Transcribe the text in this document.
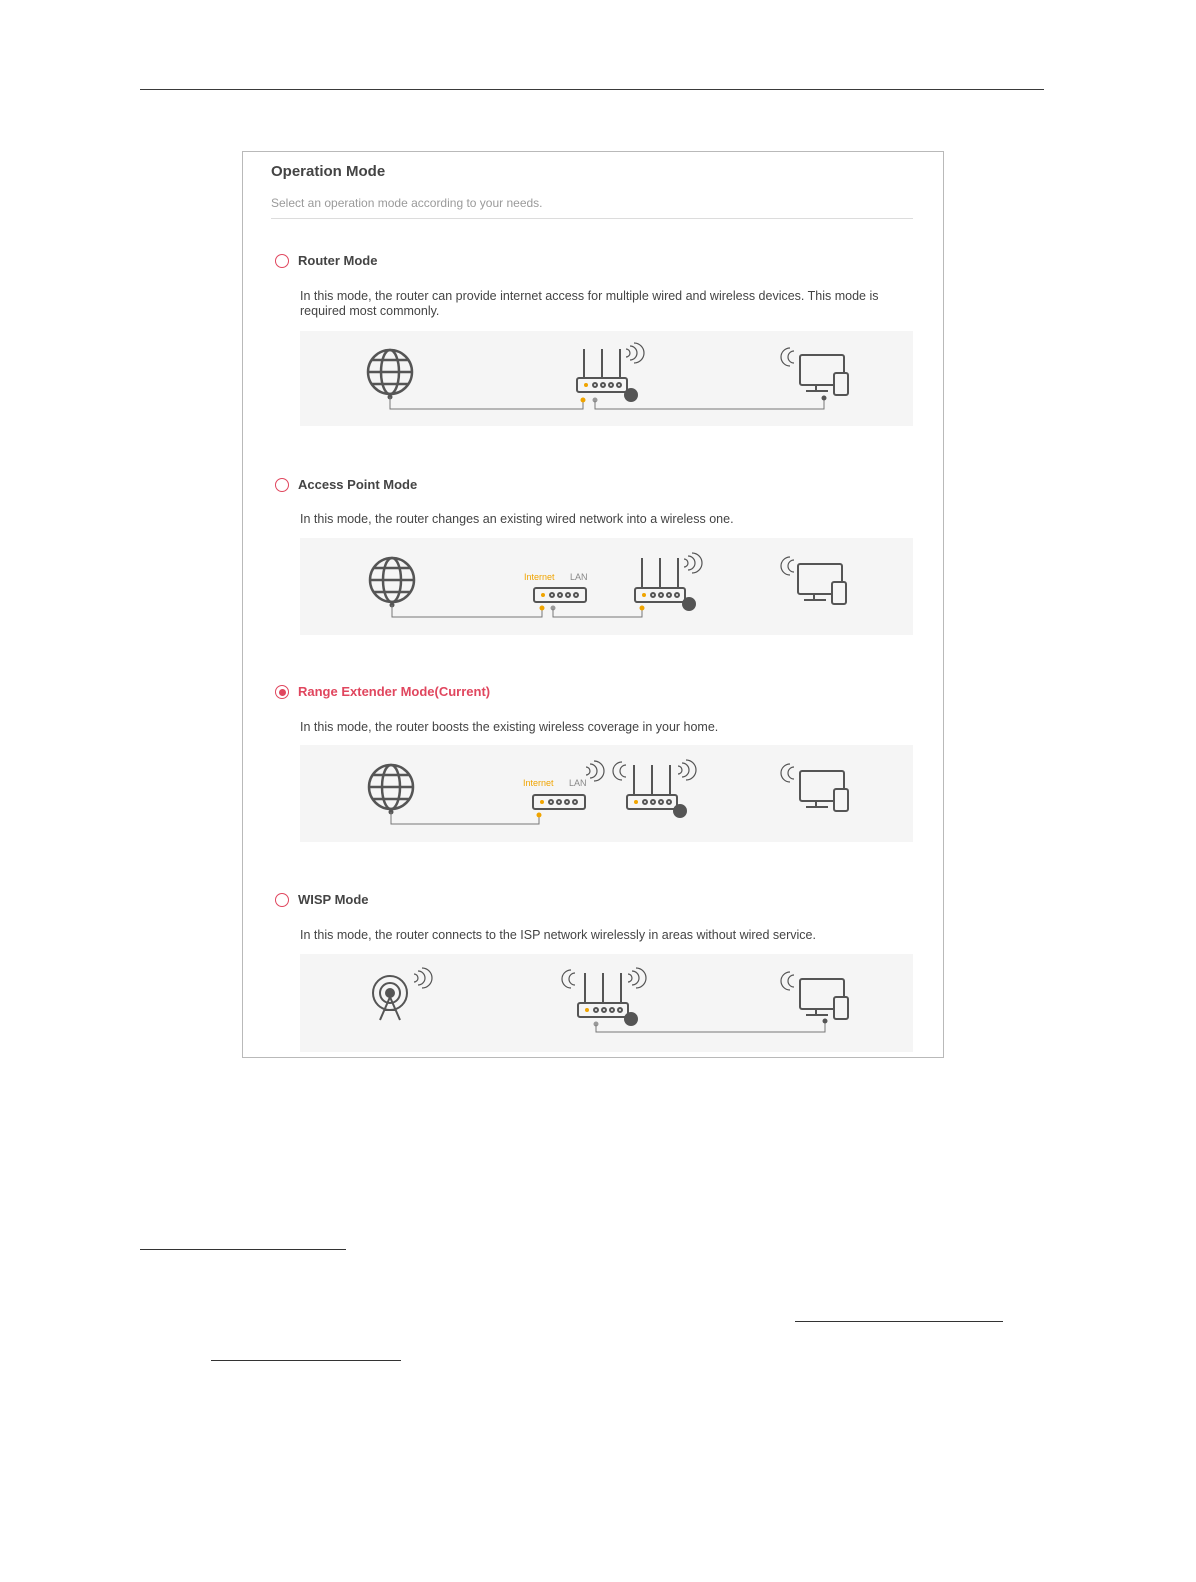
Operation Mode
Select an operation mode according to your needs.
Router Mode
In this mode, the router can provide internet access for multiple wired and wireless devices. This mode is required most commonly.
Access Point Mode
In this mode, the router changes an existing wired network into a wireless one.
Internet LAN
Range Extender Mode(Current)
In this mode, the router boosts the existing wireless coverage in your home.
Internet LAN
WISP Mode
In this mode, the router connects to the ISP network wirelessly in areas without wired service.
